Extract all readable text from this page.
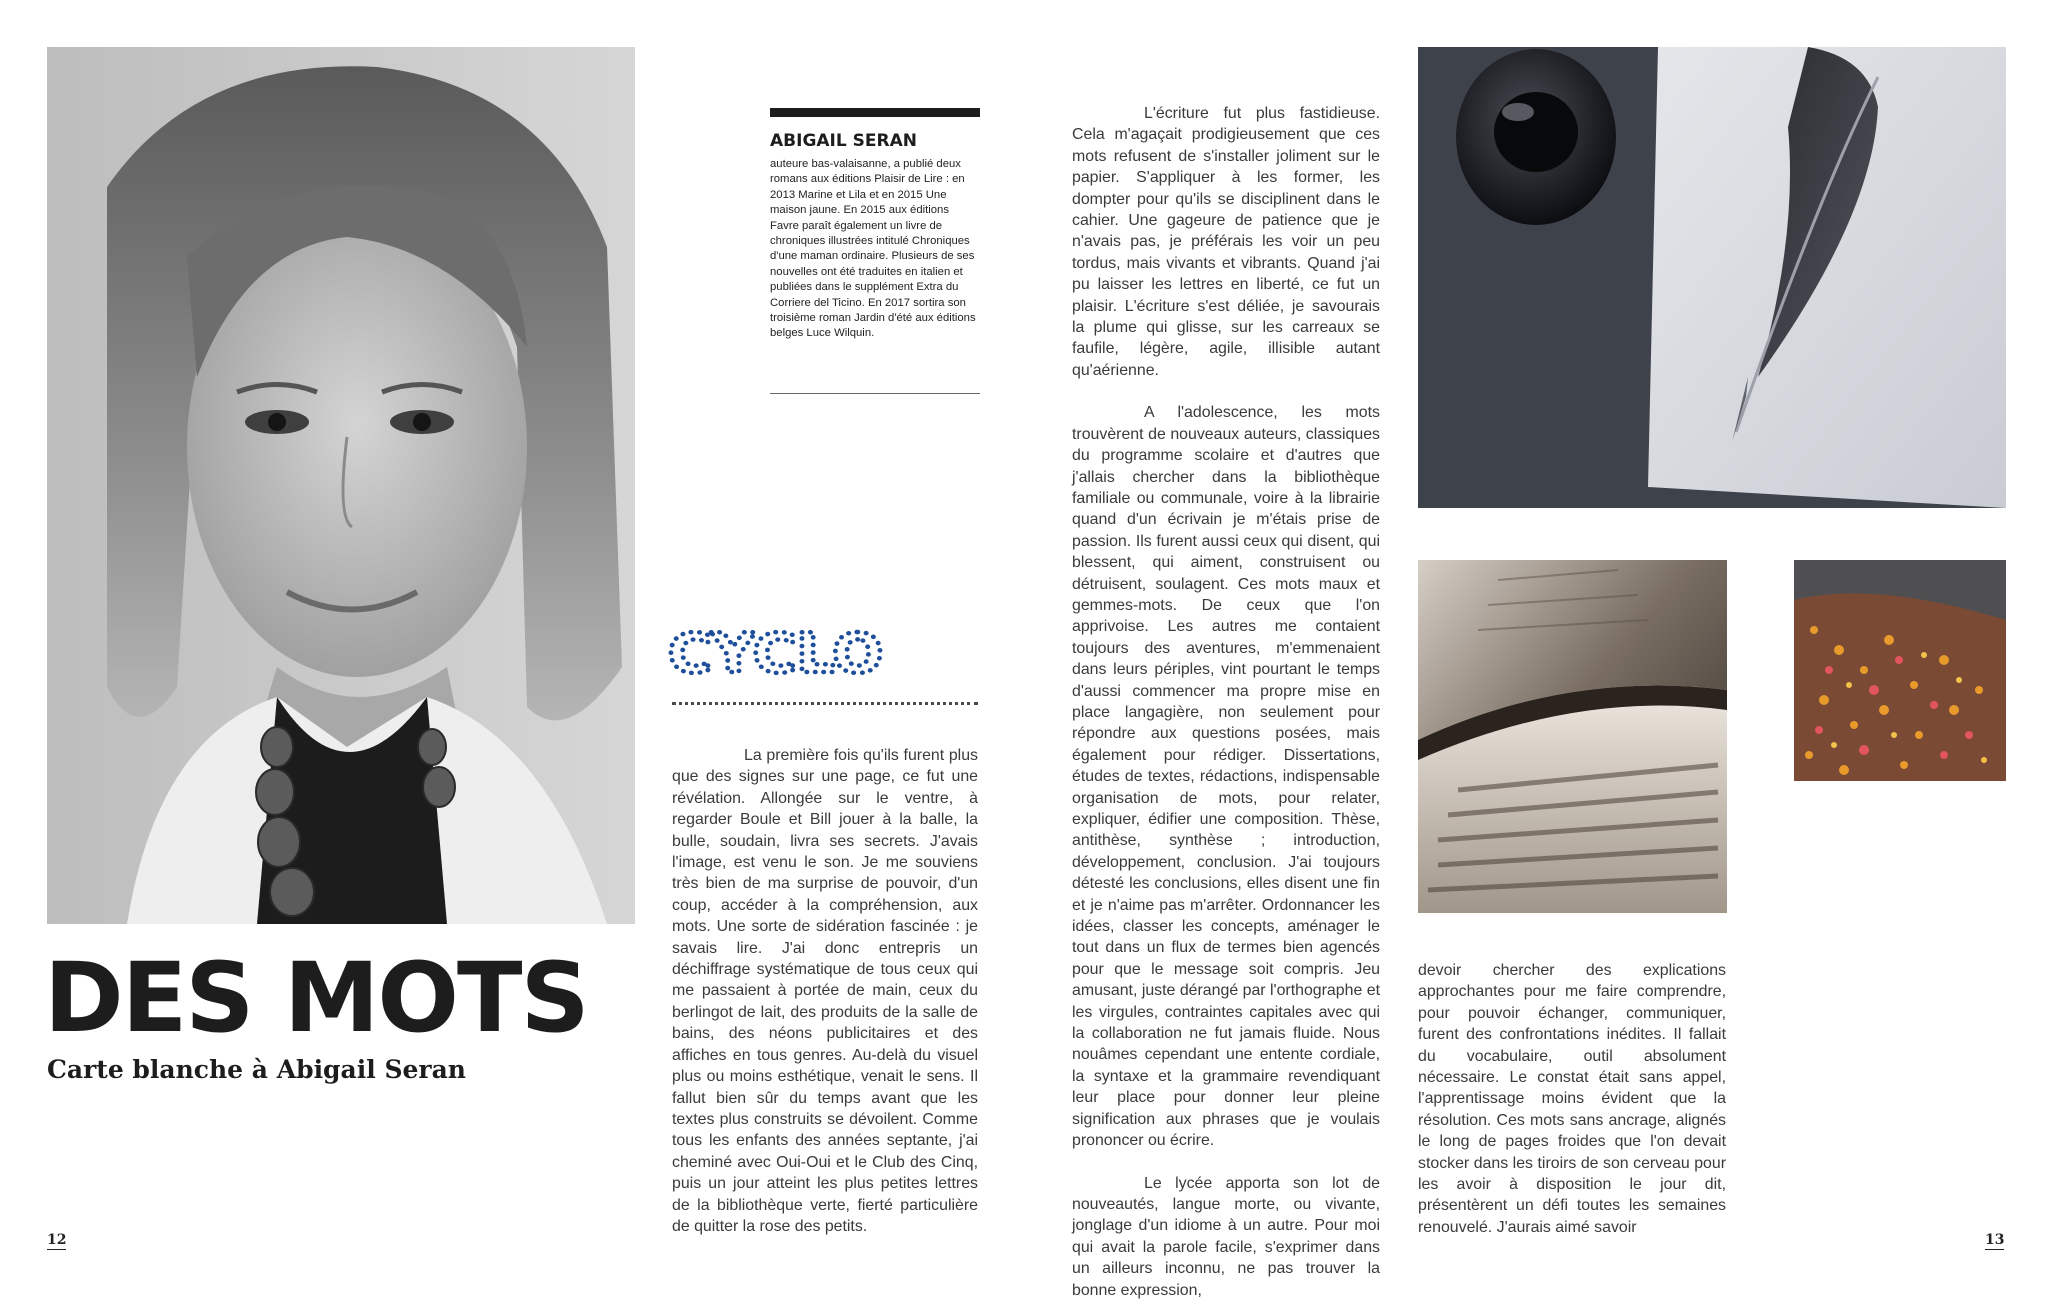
DES MOTS
Carte blanche à Abigail Seran
ABIGAIL SERAN

auteure bas-valaisanne, a publié deux romans aux éditions Plaisir de Lire : en 2013 Marine et Lila et en 2015 Une maison jaune. En 2015 aux éditions Favre paraît également un livre de chroniques illustrées intitulé Chroniques d'une maman ordinaire. Plusieurs de ses nouvelles ont été traduites en italien et publiées dans le supplément Extra du Corriere del Ticino. En 2017 sortira son troisième roman Jardin d'été aux éditions belges Luce Wilquin.

CYCLO

La première fois qu'ils furent plus que des signes sur une page, ce fut une révélation. Allongée sur le ventre, à regarder Boule et Bill jouer à la balle, la bulle, soudain, livra ses secrets. J'avais l'image, est venu le son. Je me souviens très bien de ma surprise de pouvoir, d'un coup, accéder à la compréhension, aux mots. Une sorte de sidération fascinée : je savais lire. J'ai donc entrepris un déchiffrage systématique de tous ceux qui me passaient à portée de main, ceux du berlingot de lait, des produits de la salle de bains, des néons publicitaires et des affiches en tous genres. Au-delà du visuel plus ou moins esthétique, venait le sens. Il fallut bien sûr du temps avant que les textes plus construits se dévoilent. Comme tous les enfants des années septante, j'ai cheminé avec Oui-Oui et le Club des Cinq, puis un jour atteint les plus petites lettres de la bibliothèque verte, fierté particulière de quitter la rose des petits.

12

L'écriture fut plus fastidieuse. Cela m'agaçait prodigieusement que ces mots refusent de s'installer joliment sur le papier. S'appliquer à les former, les dompter pour qu'ils se disciplinent dans le cahier. Une gageure de patience que je n'avais pas, je préférais les voir un peu tordus, mais vivants et vibrants. Quand j'ai pu laisser les lettres en liberté, ce fut un plaisir. L'écriture s'est déliée, je savourais la plume qui glisse, sur les carreaux se faufile, légère, agile, illisible autant qu'aérienne.

A l'adolescence, les mots trouvèrent de nouveaux auteurs, classiques du programme scolaire et d'autres que j'allais chercher dans la bibliothèque familiale ou communale, voire à la librairie quand d'un écrivain je m'étais prise de passion. Ils furent aussi ceux qui disent, qui blessent, qui aiment, construisent ou détruisent, soulagent. Ces mots maux et gemmes-mots. De ceux que l'on apprivoise. Les autres me contaient toujours des aventures, m'emmenaient dans leurs périples, vint pourtant le temps d'aussi commencer ma propre mise en place langagière, non seulement pour répondre aux questions posées, mais également pour rédiger. Dissertations, études de textes, rédactions, indispensable organisation de mots, pour relater, expliquer, édifier une composition. Thèse, antithèse, synthèse ; introduction, développement, conclusion. J'ai toujours détesté les conclusions, elles disent une fin et je n'aime pas m'arrêter. Ordonnancer les idées, classer les concepts, aménager le tout dans un flux de termes bien agencés pour que le message soit compris. Jeu amusant, juste dérangé par l'orthographe et les virgules, contraintes capitales avec qui la collaboration ne fut jamais fluide. Nous nouâmes cependant une entente cordiale, la syntaxe et la grammaire revendiquant leur place pour donner leur pleine signification aux phrases que je voulais prononcer ou écrire.

Le lycée apporta son lot de nouveautés, langue morte, ou vivante, jonglage d'un idiome à un autre. Pour moi qui avait la parole facile, s'exprimer dans un ailleurs inconnu, ne pas trouver la bonne expression,

devoir chercher des explications approchantes pour me faire comprendre, pour pouvoir échanger, communiquer, furent des confrontations inédites. Il fallait du vocabulaire, outil absolument nécessaire. Le constat était sans appel, l'apprentissage moins évident que la résolution. Ces mots sans ancrage, alignés le long de pages froides que l'on devait stocker dans les tiroirs de son cerveau pour les avoir à disposition le jour dit, présentèrent un défi toutes les semaines renouvelé. J'aurais aimé savoir

13
